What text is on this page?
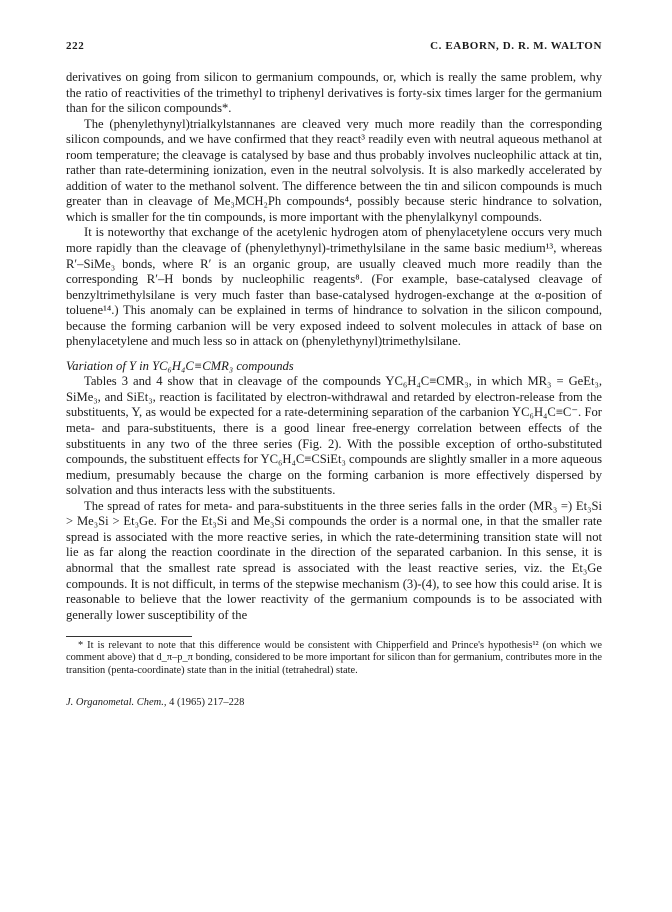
222	C. EABORN, D. R. M. WALTON

derivatives on going from silicon to germanium compounds, or, which is really the same problem, why the ratio of reactivities of the trimethyl to triphenyl derivatives is forty-six times larger for the germanium than for the silicon compounds*.

The (phenylethynyl)trialkylstannanes are cleaved very much more readily than the corresponding silicon compounds, and we have confirmed that they react³ readily even with neutral aqueous methanol at room temperature; the cleavage is catalysed by base and thus probably involves nucleophilic attack at tin, rather than rate-determining ionization, even in the neutral solvolysis. It is also markedly accelerated by addition of water to the methanol solvent. The difference between the tin and silicon compounds is much greater than in cleavage of Me₃MCH₂Ph compounds⁴, possibly because steric hindrance to solvation, which is smaller for the tin compounds, is more important with the phenylalkynyl compounds.

It is noteworthy that exchange of the acetylenic hydrogen atom of phenylacetylene occurs very much more rapidly than the cleavage of (phenylethynyl)-trimethylsilane in the same basic medium¹³, whereas R′–SiMe₃ bonds, where R′ is an organic group, are usually cleaved much more readily than the corresponding R′–H bonds by nucleophilic reagents⁸. (For example, base-catalysed cleavage of benzyltrimethylsilane is very much faster than base-catalysed hydrogen-exchange at the α-position of toluene¹⁴.) This anomaly can be explained in terms of hindrance to solvation in the silicon compound, because the forming carbanion will be very exposed indeed to solvent molecules in attack of base on phenylacetylene and much less so in attack on (phenylethynyl)trimethylsilane.

Variation of Y in YC₆H₄C≡CMR₃ compounds

Tables 3 and 4 show that in cleavage of the compounds YC₆H₄C≡CMR₃, in which MR₃ = GeEt₃, SiMe₃, and SiEt₃, reaction is facilitated by electron-withdrawal and retarded by electron-release from the substituents, Y, as would be expected for a rate-determining separation of the carbanion YC₆H₄C≡C⁻. For meta- and para-substituents, there is a good linear free-energy correlation between effects of the substituents in any two of the three series (Fig. 2). With the possible exception of ortho-substituted compounds, the substituent effects for YC₆H₄C≡CSiEt₃ compounds are slightly smaller in a more aqueous medium, presumably because the charge on the forming carbanion is more effectively dispersed by solvation and thus interacts less with the substituents.

The spread of rates for meta- and para-substituents in the three series falls in the order (MR₃ =) Et₃Si > Me₃Si > Et₃Ge. For the Et₃Si and Me₃Si compounds the order is a normal one, in that the smaller rate spread is associated with the more reactive series, in which the rate-determining transition state will not lie as far along the reaction coordinate in the direction of the separated carbanion. In this sense, it is abnormal that the smallest rate spread is associated with the least reactive series, viz. the Et₃Ge compounds. It is not difficult, in terms of the stepwise mechanism (3)-(4), to see how this could arise. It is reasonable to believe that the lower reactivity of the germanium compounds is to be associated with generally lower susceptibility of the

* It is relevant to note that this difference would be consistent with Chipperfield and Prince's hypothesis¹² (on which we comment above) that d_π–p_π bonding, considered to be more important for silicon than for germanium, contributes more in the transition (penta-coordinate) state than in the initial (tetrahedral) state.

J. Organometal. Chem., 4 (1965) 217–228
